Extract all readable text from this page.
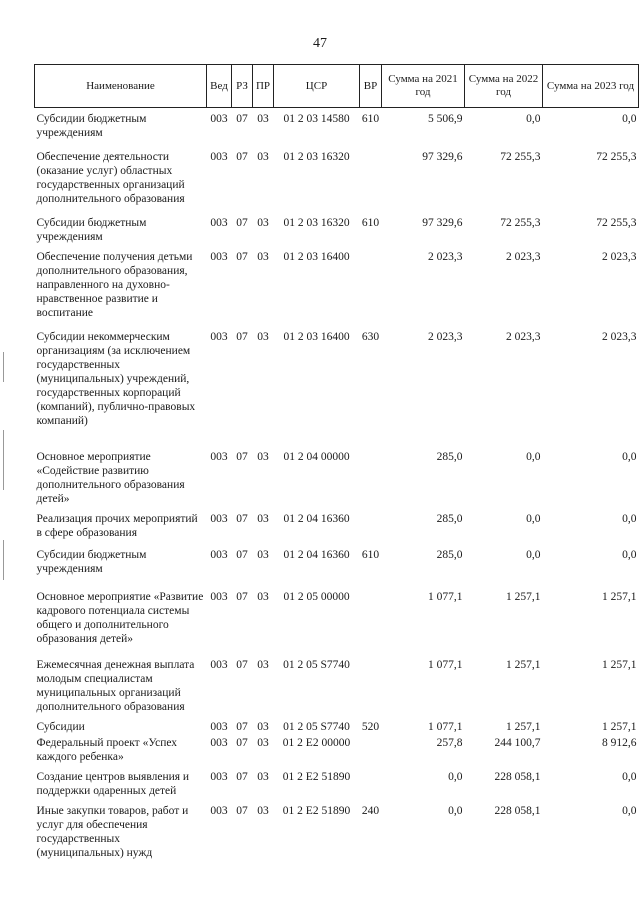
47
Наименование	Вед	РЗ	ПР	ЦСР	ВР	Сумма на 2021 год	Сумма на 2022 год	Сумма на 2023 год
Субсидии бюджетным учреждениям	003	07	03	01 2 03 14580	610	5 506,9	0,0	0,0
Обеспечение деятельности (оказание услуг) областных государственных организаций дополнительного образования	003	07	03	01 2 03 16320		97 329,6	72 255,3	72 255,3
Субсидии бюджетным учреждениям	003	07	03	01 2 03 16320	610	97 329,6	72 255,3	72 255,3
Обеспечение получения детьми дополнительного образования, направленного на духовно-нравственное развитие и воспитание	003	07	03	01 2 03 16400		2 023,3	2 023,3	2 023,3
Субсидии некоммерческим организациям (за исключением государственных (муниципальных) учреждений, государственных корпораций (компаний), публично-правовых компаний)	003	07	03	01 2 03 16400	630	2 023,3	2 023,3	2 023,3
Основное мероприятие «Содействие развитию дополнительного образования детей»	003	07	03	01 2 04 00000		285,0	0,0	0,0
Реализация прочих мероприятий в сфере образования	003	07	03	01 2 04 16360		285,0	0,0	0,0
Субсидии бюджетным учреждениям	003	07	03	01 2 04 16360	610	285,0	0,0	0,0
Основное мероприятие «Развитие кадрового потенциала системы общего и дополнительного образования детей»	003	07	03	01 2 05 00000		1 077,1	1 257,1	1 257,1
Ежемесячная денежная выплата молодым специалистам муниципальных организаций дополнительного образования	003	07	03	01 2 05 S7740		1 077,1	1 257,1	1 257,1
Субсидии	003	07	03	01 2 05 S7740	520	1 077,1	1 257,1	1 257,1
Федеральный проект «Успех каждого ребенка»	003	07	03	01 2 E2 00000		257,8	244 100,7	8 912,6
Создание центров выявления и поддержки одаренных детей	003	07	03	01 2 E2 51890		0,0	228 058,1	0,0
Иные закупки товаров, работ и услуг для обеспечения государственных (муниципальных) нужд	003	07	03	01 2 E2 51890	240	0,0	228 058,1	0,0
